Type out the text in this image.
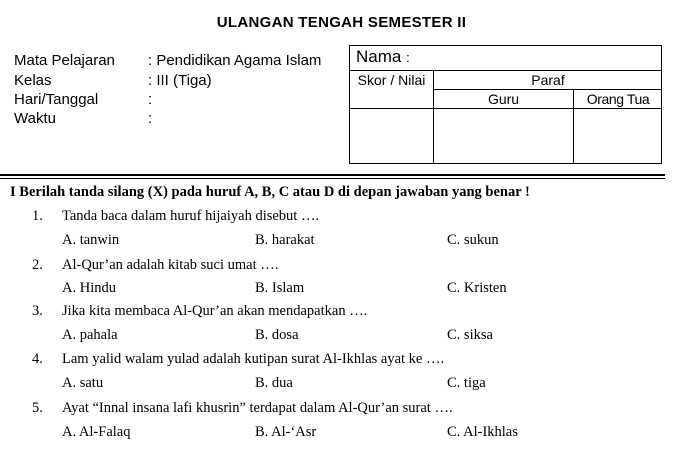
ULANGAN TENGAH SEMESTER II
Mata Pelajaran : Pendidikan Agama Islam
Kelas	: III (Tiga)
Hari/Tanggal	:
Waktu	:
Nama :
Skor / Nilai	Paraf
Guru	Orang Tua
I Berilah tanda silang (X) pada huruf A, B, C atau D di depan jawaban yang benar !
1. Tanda baca dalam huruf hijaiyah disebut ….
A. tanwin	B. harakat	C. sukun
2. Al-Qur’an adalah kitab suci umat ….
A. Hindu	B. Islam	C. Kristen
3. Jika kita membaca Al-Qur’an akan mendapatkan ….
A. pahala	B. dosa	C. siksa
4. Lam yalid walam yulad adalah kutipan surat Al-Ikhlas ayat ke ….
A. satu	B. dua	C. tiga
5. Ayat “Innal insana lafi khusrin” terdapat dalam Al-Qur’an surat ….
A. Al-Falaq	B. Al-‘Asr	C. Al-Ikhlas
